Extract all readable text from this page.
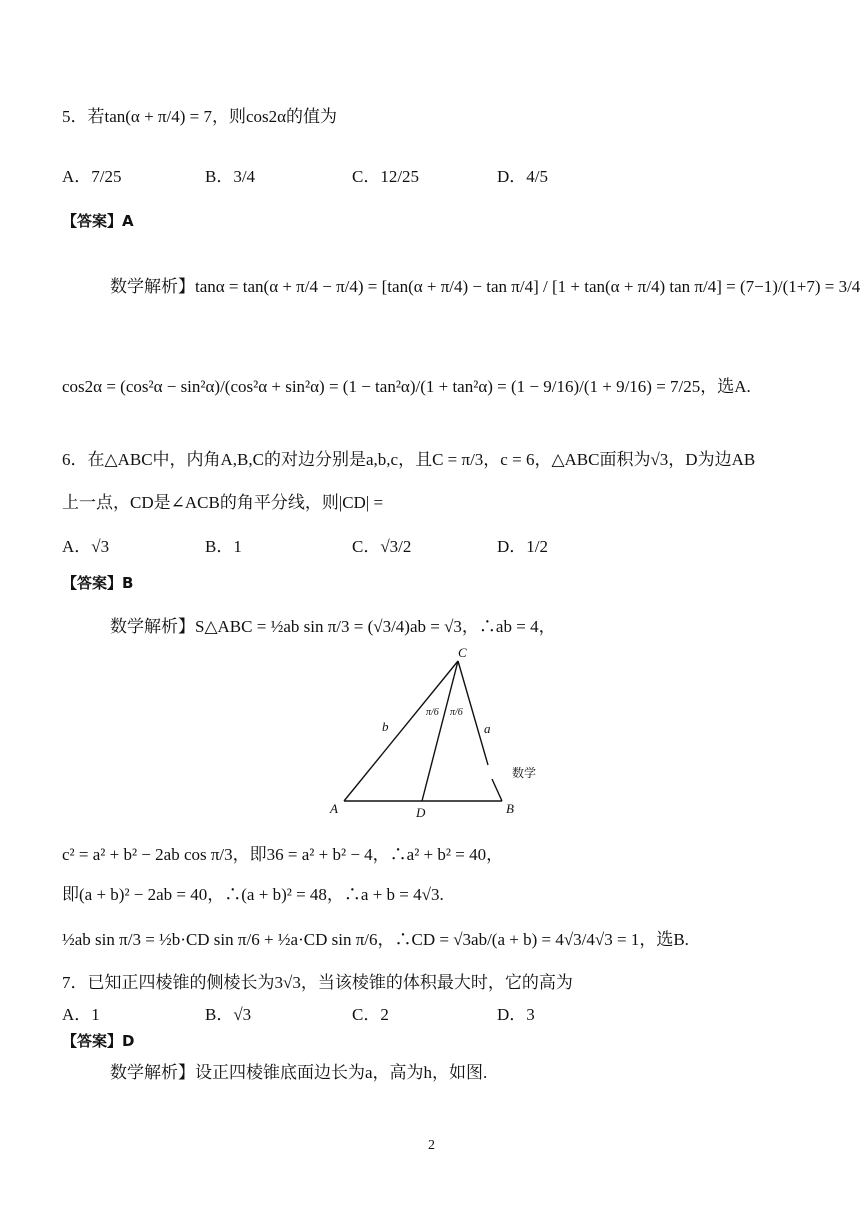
5．若tan(α + π/4) = 7，则cos2α的值为
A．7/25	B．3/4	C．12/25	D．4/5
【答案】A
数学解析】tanα = tan(α + π/4 − π/4) = [tan(α + π/4) − tan π/4] / [1 + tan(α + π/4) tan π/4] = (7−1)/(1+7) = 3/4
cos2α = (cos²α − sin²α)/(cos²α + sin²α) = (1 − tan²α)/(1 + tan²α) = (1 − 9/16)/(1 + 9/16) = 7/25，选A.
6．在△ABC中，内角A,B,C的对边分别是a,b,c，且C = π/3，c = 6，△ABC面积为√3，D为边AB
上一点，CD是∠ACB的角平分线，则|CD| =
A．√3	B．1	C．√3/2	D．1/2
【答案】B
数学解析】S△ABC = ½ab sin π/3 = (√3/4)ab = √3，∴ab = 4，
C
A	B
D
b	a
π/6 π/6
数学
c² = a² + b² − 2ab cos π/3，即36 = a² + b² − 4，∴a² + b² = 40，
即(a + b)² − 2ab = 40，∴(a + b)² = 48，∴a + b = 4√3.
½ab sin π/3 = ½b·CD sin π/6 + ½a·CD sin π/6，∴CD = √3ab/(a + b) = 4√3/4√3 = 1，选B.
7．已知正四棱锥的侧棱长为3√3，当该棱锥的体积最大时，它的高为
A．1	B．√3	C．2	D．3
【答案】D
数学解析】设正四棱锥底面边长为a，高为h，如图.
2
